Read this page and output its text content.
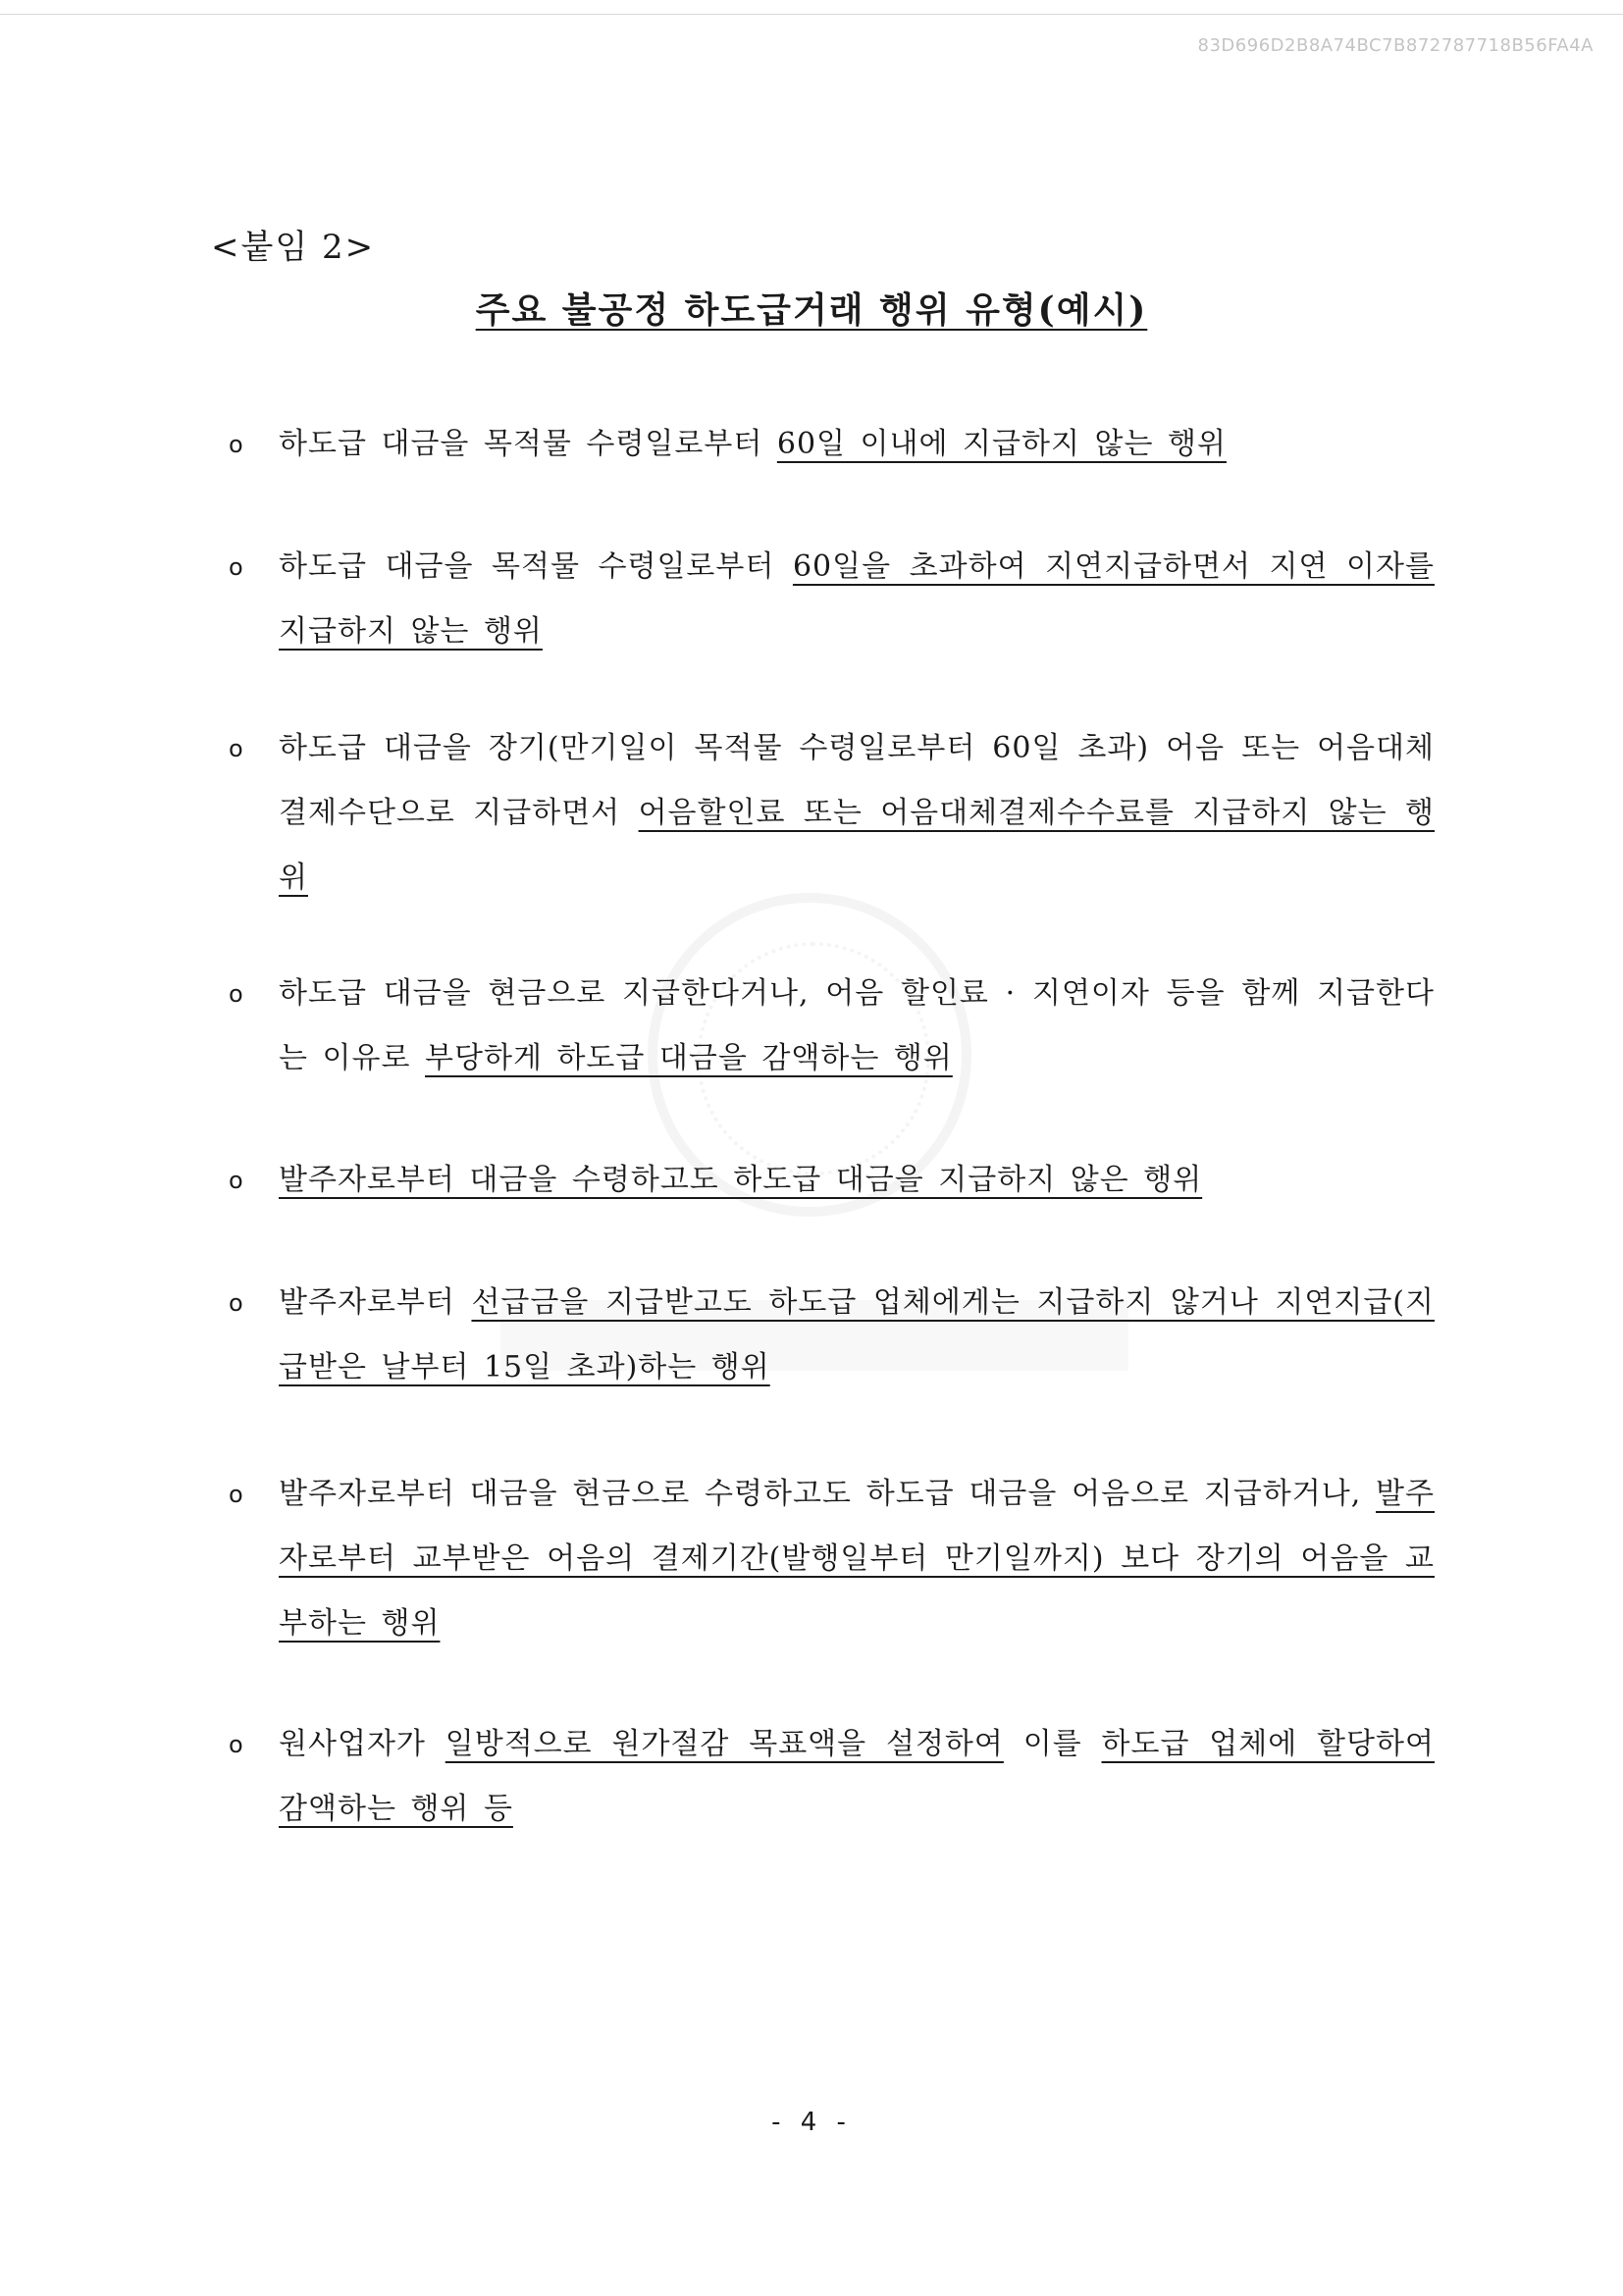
83D696D2B8A74BC7B872787718B56FA4A
<붙임 2>
주요 불공정 하도급거래 행위 유형(예시)
o 하도급 대금을 목적물 수령일로부터 60일 이내에 지급하지 않는 행위
o 하도급 대금을 목적물 수령일로부터 60일을 초과하여 지연지급하면서 지연 이자를 지급하지 않는 행위
o 하도급 대금을 장기(만기일이 목적물 수령일로부터 60일 초과) 어음 또는 어음대체결제수단으로 지급하면서 어음할인료 또는 어음대체결제수수료를 지급하지 않는 행위
o 하도급 대금을 현금으로 지급한다거나, 어음 할인료 · 지연이자 등을 함께 지급한다는 이유로 부당하게 하도급 대금을 감액하는 행위
o 발주자로부터 대금을 수령하고도 하도급 대금을 지급하지 않은 행위
o 발주자로부터 선급금을 지급받고도 하도급 업체에게는 지급하지 않거나 지연지급(지급받은 날부터 15일 초과)하는 행위
o 발주자로부터 대금을 현금으로 수령하고도 하도급 대금을 어음으로 지급하거나, 발주자로부터 교부받은 어음의 결제기간(발행일부터 만기일까지) 보다 장기의 어음을 교부하는 행위
o 원사업자가 일방적으로 원가절감 목표액을 설정하여 이를 하도급 업체에 할당하여 감액하는 행위 등
- 4 -
